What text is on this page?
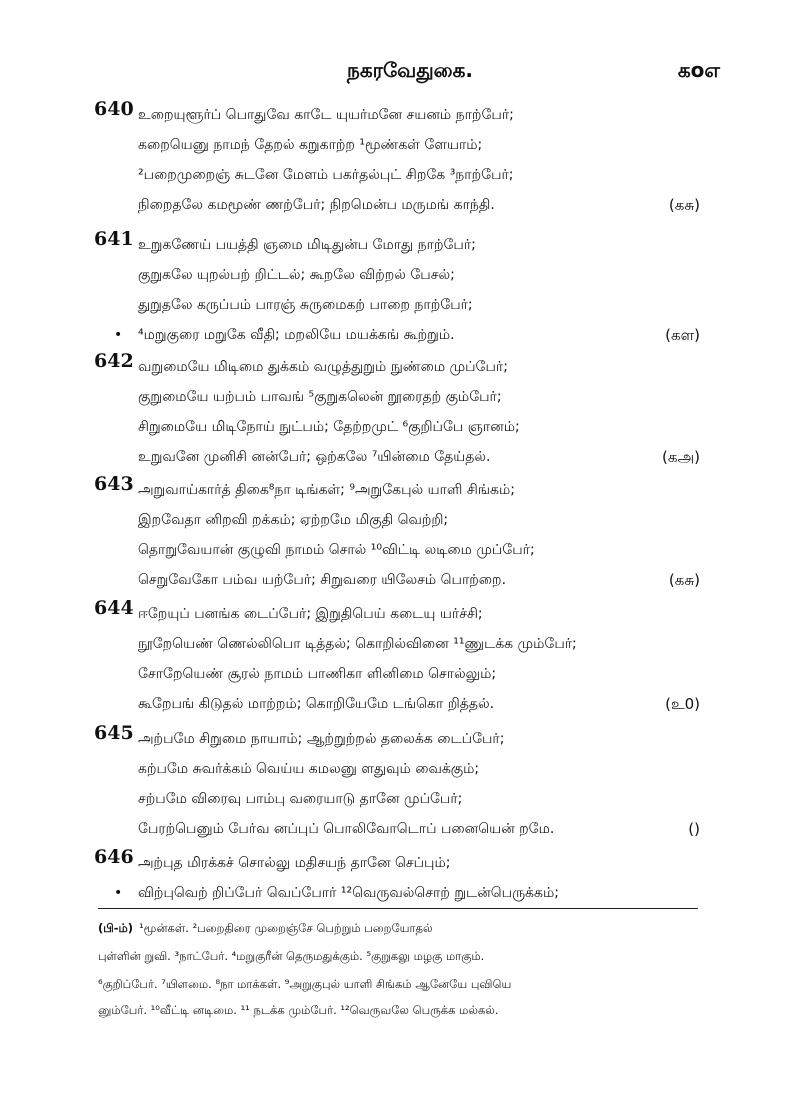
நகரவேதுகை.	கoஎ
640 உறையுளூர்ப் பொதுவே காடே யுயர்மனே சயனம் நாற்பேர்;
கறையெனு நாமந் தேறல் கறுகாற்ற ¹மூண்கள் ளேயாம்;
²பறைமுறைஞ் சுடனே மேளம் பகர்தல்புட் சிறகே ³நாற்பேர்;
நிறைதலே கமமூண் ணற்பேர்; நிறமென்ப மருமங் காந்தி.	(கசு)
641 உறுகணேய் பயத்தி ஞமை மிடிதுன்ப மோது நாற்பேர்;
குறுகலே யுறல்பற் றிட்டல்; கூறலே விற்றல் பேசல்;
துறுதலே கருப்பம் பாரஞ் சுருமைகற் பாறை நாற்பேர்;
⁴மறுகுரை மறுகே வீதி; மறலியே மயக்கங் கூற்றும்.
•	(கள)
642 வறுமையே மிடிமை துக்கம் வழுத்துறும் நுண்மை முப்பேர்;
குறுமையே யற்பம் பாவங் ⁵குறுகலென் றூரைதற் கும்பேர்;
சிறுமையே மிடிநோய் நுட்பம்; தேற்றமுட் ⁶குறிப்பே ஞானம்;
உறுவனே முனிசி னன்பேர்; ஒற்கலே ⁷யின்மை தேய்தல்.	(கஅ)
643 அறுவாய்கார்த் திகை⁸நா டிங்கள்; ⁹அறுகேபுல் யாளி சிங்கம்;
இறவேதா னிறவி றக்கம்; ஏற்றமே மிகுதி வெற்றி;
தொறுவேயான் குழுவி நாமம் சொல் ¹⁰விட்டி லடிமை முப்பேர்;
செறுவேகோ பம்வ யற்பேர்; சிறுவரை யிலேசம் பொற்றை.	(கசு)
644 ஈறேயுப் பனங்க டைப்பேர்; இறுதிபெய் கடையு யர்ச்சி;
நூறேயெண் ணெல்லிபொ டித்தல்; கொறில்வினை ¹¹ணுடக்க மும்பேர்;
சோறேயெண் சூரல் நாமம் பாணிகா ளினிமை சொல்லும்;
கூறேபங் கிடுதல் மாற்றம்; கொறியேமே டங்கொ றித்தல்.	(உ0)
645 அற்பமே சிறுமை நாயாம்; ஆற்றுற்றல் தலைக்க டைப்பேர்;
கற்பமே சுவர்க்கம் வெய்ய கமலனு ளதுவும் வைக்கும்;
சற்பமே விரைவு பாம்பு வரையாடு தானே முப்பேர்;
பேரற்பெனும் பேர்வ னப்புப் பொலிவோடொப் பனையென் றமே.	()
646 அற்புத மிரக்கச் சொல்லு மதிசயந் தானே செப்பும்;
விற்புவெற் றிப்பேர் வெப்போர் ¹²வெருவல்சொற் றுடன்பெருக்கம்;
•
(பி-ம்) ¹மூன்கள். ²பறைதிரை முறைஞ்சே பெற்றும் பறையோதல்
புள்ளின் றுவி. ³நாட்பேர். ⁴மறுகுரீன் தெருமதுக்கும். ⁵குறுகலு மழகு மாகும்.
⁶குறிப்பேர். ⁷யிளமை. ⁸நா மாக்கள். ⁹அறுகுபுல் யாளி சிங்கம் ஆனேயே புவியெ
னும்பேர். ¹⁰வீட்டி னடிமை. ¹¹ நடக்க மும்பேர். ¹²வெருவலே பெருக்க மல்கல்.
